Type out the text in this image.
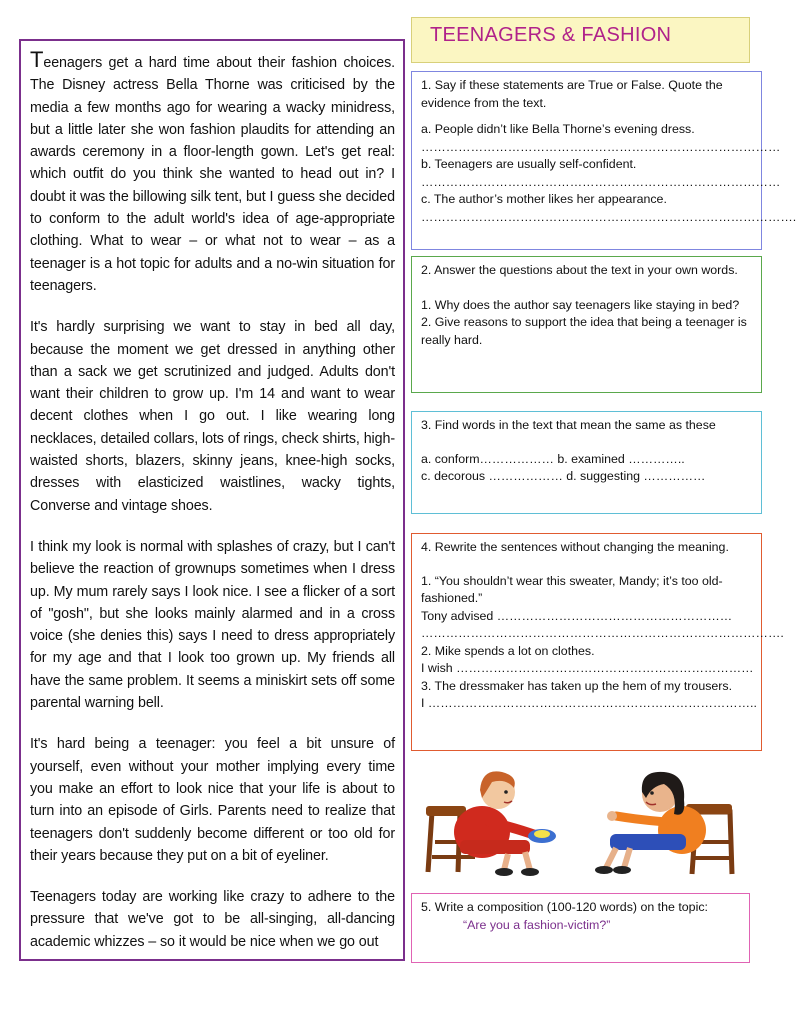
Teenagers get a hard time about their fashion choices. The Disney actress Bella Thorne was criticised by the media a few months ago for wearing a wacky minidress, but a little later she won fashion plaudits for attending an awards ceremony in a floor-length gown. Let's get real: which outfit do you think she wanted to head out in? I doubt it was the billowing silk tent, but I guess she decided to conform to the adult world's idea of age-appropriate clothing. What to wear – or what not to wear – as a teenager is a hot topic for adults and a no-win situation for teenagers.

It's hardly surprising we want to stay in bed all day, because the moment we get dressed in anything other than a sack we get scrutinized and judged. Adults don't want their children to grow up. I'm 14 and want to wear decent clothes when I go out. I like wearing long necklaces, detailed collars, lots of rings, check shirts, high-waisted shorts, blazers, skinny jeans, knee-high socks, dresses with elasticized waistlines, wacky tights, Converse and vintage shoes.

I think my look is normal with splashes of crazy, but I can't believe the reaction of grownups sometimes when I dress up. My mum rarely says I look nice. I see a flicker of a sort of "gosh", but she looks mainly alarmed and in a cross voice (she denies this) says I need to dress appropriately for my age and that I look too grown up. My friends all have the same problem. It seems a miniskirt sets off some parental warning bell.

It's hard being a teenager: you feel a bit unsure of yourself, even without your mother implying every time you make an effort to look nice that your life is about to turn into an episode of Girls. Parents need to realize that teenagers don't suddenly become different or too old for their years because they put on a bit of eyeliner.

Teenagers today are working like crazy to adhere to the pressure that we've got to be all-singing, all-dancing academic whizzes – so it would be nice when we go out

TEENAGERS & FASHION
1. Say if these statements are True or False. Quote the evidence from the text.
a. People didn’t like Bella Thorne’s evening dress.
……………………………………………………………………………
b. Teenagers are usually self-confident.
……………………………………………………………………………
c. The author’s mother likes her appearance.
……………………………………………………………………………….
2. Answer the questions about the text in your own words.
1. Why does the author say teenagers like staying in bed?
2. Give reasons to support the idea that being a teenager is really hard.
3. Find words in the text that mean the same as these
a. conform……………… b. examined …………..
c. decorous ……………… d. suggesting ……………
4. Rewrite the sentences without changing the meaning.
1. “You shouldn’t wear this sweater, Mandy; it’s too old-fashioned.”
Tony advised …………………………………………………
…………………………………………………………………………….
2. Mike spends a lot on clothes.
I wish ………………………………………………………………
3. The dressmaker has taken up the hem of my trousers.
I ……………………………………………………………………..
5. Write a composition (100-120 words) on the topic:
“Are you a fashion-victim?”
